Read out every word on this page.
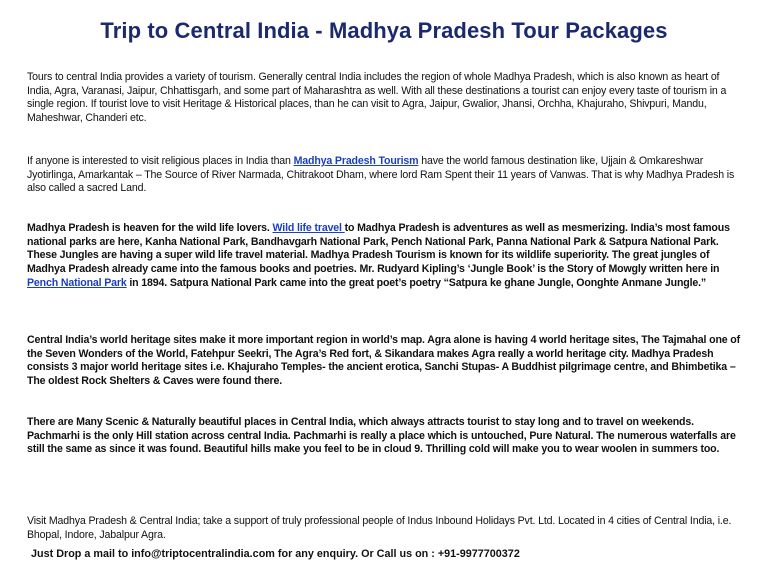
Trip to Central India - Madhya Pradesh Tour Packages
Tours to central India provides a variety of tourism. Generally central India includes the region of whole Madhya Pradesh, which is also known as heart of India, Agra, Varanasi, Jaipur, Chhattisgarh, and some part of Maharashtra as well. With all these destinations a tourist can enjoy every taste of tourism in a single region. If tourist love to visit Heritage & Historical places, than he can visit to Agra, Jaipur, Gwalior, Jhansi, Orchha, Khajuraho, Shivpuri, Mandu, Maheshwar, Chanderi etc.
If anyone is interested to visit religious places in India than Madhya Pradesh Tourism have the world famous destination like, Ujjain & Omkareshwar Jyotirlinga, Amarkantak – The Source of River Narmada, Chitrakoot Dham, where lord Ram Spent their 11 years of Vanwas. That is why Madhya Pradesh is also called a sacred Land.
Madhya Pradesh is heaven for the wild life lovers. Wild life travel to Madhya Pradesh is adventures as well as mesmerizing. India’s most famous national parks are here, Kanha National Park, Bandhavgarh National Park, Pench National Park, Panna National Park & Satpura National Park. These Jungles are having a super wild life travel material. Madhya Pradesh Tourism is known for its wildlife superiority. The great jungles of Madhya Pradesh already came into the famous books and poetries. Mr. Rudyard Kipling’s ‘Jungle Book’ is the Story of Mowgly written here in Pench National Park in 1894. Satpura National Park came into the great poet’s poetry “Satpura ke ghane Jungle, Oonghte Anmane Jungle.”
Central India’s world heritage sites make it more important region in world’s map. Agra alone is having 4 world heritage sites, The Tajmahal one of the Seven Wonders of the World, Fatehpur Seekri, The Agra’s Red fort, & Sikandara makes Agra really a world heritage city. Madhya Pradesh consists 3 major world heritage sites i.e. Khajuraho Temples- the ancient erotica, Sanchi Stupas- A Buddhist pilgrimage centre, and Bhimbetika – The oldest Rock Shelters & Caves were found there.
There are Many Scenic & Naturally beautiful places in Central India, which always attracts tourist to stay long and to travel on weekends. Pachmarhi is the only Hill station across central India. Pachmarhi is really a place which is untouched, Pure Natural. The numerous waterfalls are still the same as since it was found. Beautiful hills make you feel to be in cloud 9. Thrilling cold will make you to wear woolen in summers too.
Visit Madhya Pradesh & Central India; take a support of truly professional people of Indus Inbound Holidays Pvt. Ltd. Located in 4 cities of Central India, i.e. Bhopal, Indore, Jabalpur Agra.
Just Drop a mail to info@triptocentralindia.com for any enquiry. Or Call us on : +91-9977700372
